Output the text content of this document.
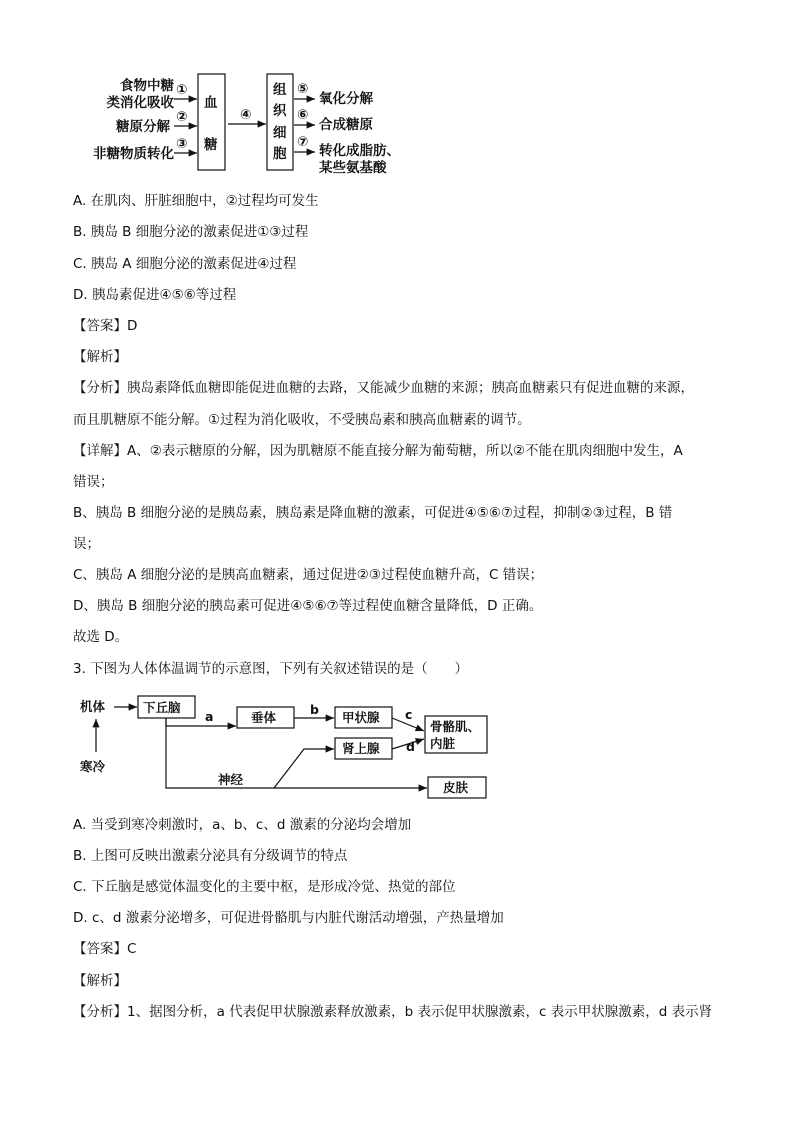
食物中糖
类消化吸收
糖原分解
非糖物质转化
①
②
③
血
糖
④
组
织
细
胞
⑤
⑥
⑦
氧化分解
合成糖原
转化成脂肪、
某些氨基酸
A. 在肌肉、肝脏细胞中，②过程均可发生
B. 胰岛 B 细胞分泌的激素促进①③过程
C. 胰岛 A 细胞分泌的激素促进④过程
D. 胰岛素促进④⑤⑥等过程
【答案】D
【解析】
【分析】胰岛素降低血糖即能促进血糖的去路，又能减少血糖的来源；胰高血糖素只有促进血糖的来源，
而且肌糖原不能分解。①过程为消化吸收，不受胰岛素和胰高血糖素的调节。
【详解】A、②表示糖原的分解，因为肌糖原不能直接分解为葡萄糖，所以②不能在肌肉细胞中发生，A
错误；
B、胰岛 B 细胞分泌的是胰岛素，胰岛素是降血糖的激素，可促进④⑤⑥⑦过程，抑制②③过程，B 错
误；
C、胰岛 A 细胞分泌的是胰高血糖素，通过促进②③过程使血糖升高，C 错误；
D、胰岛 B 细胞分泌的胰岛素可促进④⑤⑥⑦等过程使血糖含量降低，D 正确。
故选 D。
3. 下图为人体体温调节的示意图，下列有关叙述错误的是（　　）
机体
寒冷
下丘脑
a	垂体
b
甲状腺 c
肾上腺 d
骨骼肌、
内脏
神经
皮肤
A. 当受到寒冷刺激时，a、b、c、d 激素的分泌均会增加
B. 上图可反映出激素分泌具有分级调节的特点
C. 下丘脑是感觉体温变化的主要中枢，是形成冷觉、热觉的部位
D. c、d 激素分泌增多，可促进骨骼肌与内脏代谢活动增强，产热量增加
【答案】C
【解析】
【分析】1、据图分析，a 代表促甲状腺激素释放激素，b 表示促甲状腺激素，c 表示甲状腺激素，d 表示肾
